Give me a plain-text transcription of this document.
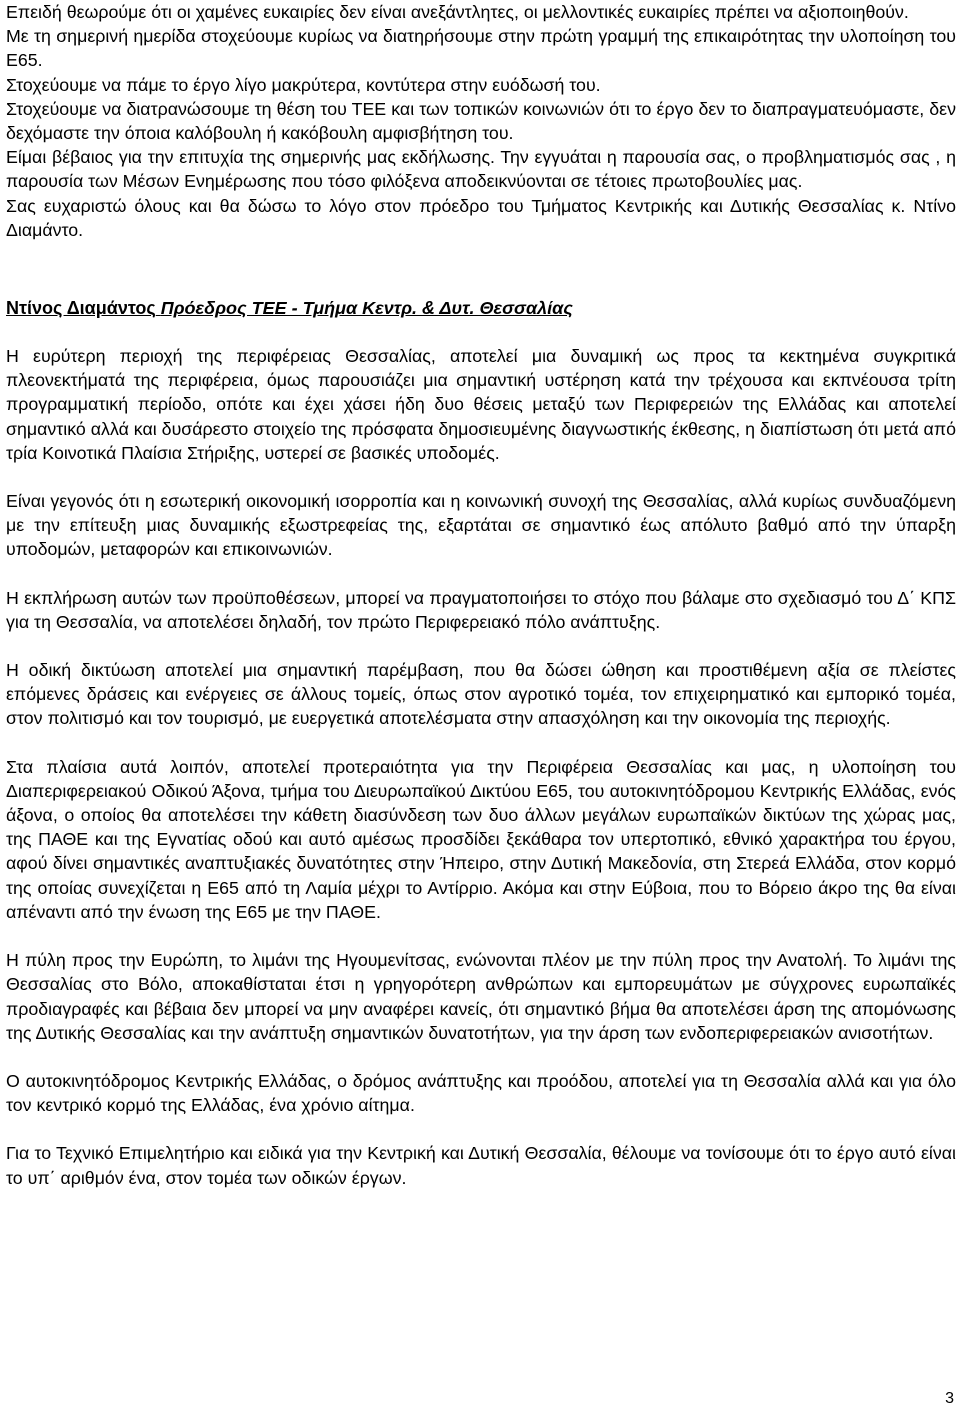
Επειδή θεωρούμε ότι οι χαμένες ευκαιρίες δεν είναι ανεξάντλητες, οι μελλοντικές ευκαιρίες πρέπει να αξιοποιηθούν.

Με τη σημερινή ημερίδα στοχεύουμε κυρίως να διατηρήσουμε στην πρώτη γραμμή της επικαιρότητας την υλοποίηση του Ε65.

Στοχεύουμε να πάμε το έργο λίγο μακρύτερα, κοντύτερα στην ευόδωσή του.

Στοχεύουμε να διατρανώσουμε τη θέση του ΤΕΕ και των τοπικών κοινωνιών ότι το έργο δεν το διαπραγματευόμαστε, δεν δεχόμαστε την όποια καλόβουλη ή κακόβουλη αμφισβήτηση του.

Είμαι βέβαιος για την επιτυχία της σημερινής μας εκδήλωσης. Την εγγυάται η παρουσία σας, ο προβληματισμός σας , η παρουσία των Μέσων Ενημέρωσης που τόσο φιλόξενα αποδεικνύονται σε τέτοιες πρωτοβουλίες μας.

Σας ευχαριστώ όλους και θα δώσω το λόγο στον πρόεδρο του Τμήματος Κεντρικής και Δυτικής Θεσσαλίας κ. Ντίνο Διαμάντο.

Ντίνος Διαμάντος Πρόεδρος ΤΕΕ - Τμήμα Κεντρ. & Δυτ. Θεσσαλίας

Η ευρύτερη περιοχή της περιφέρειας Θεσσαλίας, αποτελεί μια δυναμική ως προς τα κεκτημένα συγκριτικά πλεονεκτήματά της περιφέρεια, όμως παρουσιάζει μια σημαντική υστέρηση κατά την τρέχουσα και εκπνέουσα τρίτη προγραμματική περίοδο, οπότε και έχει χάσει ήδη δυο θέσεις μεταξύ των Περιφερειών της Ελλάδας και αποτελεί σημαντικό αλλά και δυσάρεστο στοιχείο της πρόσφατα δημοσιευμένης διαγνωστικής έκθεσης, η διαπίστωση ότι μετά από τρία Κοινοτικά Πλαίσια Στήριξης, υστερεί σε βασικές υποδομές.

Είναι γεγονός ότι η εσωτερική οικονομική ισορροπία και η κοινωνική συνοχή της Θεσσαλίας, αλλά κυρίως συνδυαζόμενη με την επίτευξη μιας δυναμικής εξωστρεφείας της, εξαρτάται σε σημαντικό έως απόλυτο βαθμό από την ύπαρξη υποδομών, μεταφορών και επικοινωνιών.

Η εκπλήρωση αυτών των προϋποθέσεων, μπορεί να πραγματοποιήσει το στόχο που βάλαμε στο σχεδιασμό του Δ΄ ΚΠΣ για τη Θεσσαλία, να αποτελέσει δηλαδή, τον πρώτο Περιφερειακό πόλο ανάπτυξης.

Η οδική δικτύωση αποτελεί μια σημαντική παρέμβαση, που θα δώσει ώθηση και προστιθέμενη αξία σε πλείστες επόμενες δράσεις και ενέργειες σε άλλους τομείς, όπως στον αγροτικό τομέα, τον επιχειρηματικό και εμπορικό τομέα, στον πολιτισμό και τον τουρισμό, με ευεργετικά αποτελέσματα στην απασχόληση και την οικονομία της περιοχής.

Στα πλαίσια αυτά λοιπόν, αποτελεί προτεραιότητα για την Περιφέρεια Θεσσαλίας και μας, η υλοποίηση του Διαπεριφερειακού Οδικού Άξονα, τμήμα του Διευρωπαϊκού Δικτύου Ε65, του αυτοκινητόδρομου Κεντρικής Ελλάδας, ενός άξονα, ο οποίος θα αποτελέσει την κάθετη διασύνδεση των δυο άλλων μεγάλων ευρωπαϊκών δικτύων της χώρας μας, της ΠΑΘΕ και της Εγνατίας οδού και αυτό αμέσως προσδίδει ξεκάθαρα τον υπερτοπικό, εθνικό χαρακτήρα του έργου, αφού δίνει σημαντικές αναπτυξιακές δυνατότητες στην Ήπειρο, στην Δυτική Μακεδονία, στη Στερεά Ελλάδα, στον κορμό της οποίας συνεχίζεται η Ε65 από τη Λαμία μέχρι το Αντίρριο. Ακόμα και στην Εύβοια, που το Βόρειο άκρο της θα είναι απέναντι από την ένωση της Ε65 με την ΠΑΘΕ.

Η πύλη προς την Ευρώπη, το λιμάνι της Ηγουμενίτσας, ενώνονται πλέον με την πύλη προς την Ανατολή. Το λιμάνι της Θεσσαλίας στο Βόλο, αποκαθίσταται έτσι η γρηγορότερη ανθρώπων και εμπορευμάτων με σύγχρονες ευρωπαϊκές προδιαγραφές και βέβαια δεν μπορεί να μην αναφέρει κανείς, ότι σημαντικό βήμα θα αποτελέσει άρση της απομόνωσης της Δυτικής Θεσσαλίας και την ανάπτυξη σημαντικών δυνατοτήτων, για την άρση των ενδοπεριφερειακών ανισοτήτων.

Ο αυτοκινητόδρομος Κεντρικής Ελλάδας, ο δρόμος ανάπτυξης και προόδου, αποτελεί για τη Θεσσαλία αλλά και για όλο τον κεντρικό κορμό της Ελλάδας, ένα χρόνιο αίτημα.

Για το Τεχνικό Επιμελητήριο και ειδικά για την Κεντρική και Δυτική Θεσσαλία, θέλουμε να τονίσουμε ότι το έργο αυτό είναι το υπ΄ αριθμόν ένα, στον τομέα των οδικών έργων.

3
